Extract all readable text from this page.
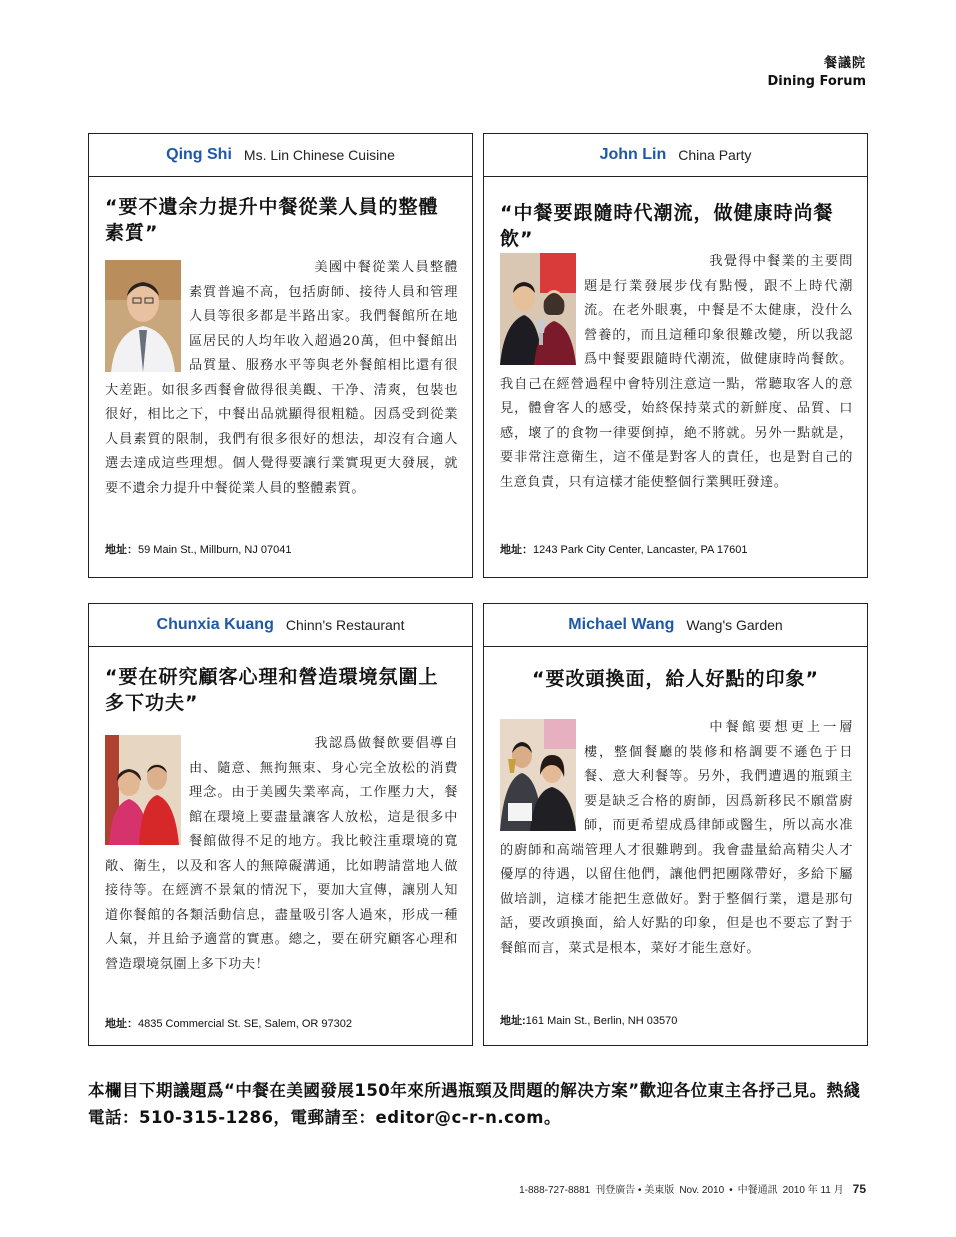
餐議院
Dining Forum
Qing Shi Ms. Lin Chinese Cuisine
“要不遺余力提升中餐從業人員的整體素質”

美國中餐從業人員整體素質普遍不高，包括廚師、接待人員和管理人員等很多都是半路出家。我們餐館所在地區居民的人均年收入超過20萬，但中餐館出品質量、服務水平等與老外餐館相比還有很大差距。如很多西餐會做得很美觀、干净、清爽，包裝也很好，相比之下，中餐出品就顯得很粗糙。因爲受到從業人員素質的限制，我們有很多很好的想法，却沒有合適人選去達成這些理想。個人覺得要讓行業實現更大發展，就要不遺余力提升中餐從業人員的整體素質。

地址：59 Main St., Millburn, NJ 07041
John Lin China Party
“中餐要跟隨時代潮流，做健康時尚餐飲”

我覺得中餐業的主要問題是行業發展步伐有點慢，跟不上時代潮流。在老外眼裏，中餐是不太健康，没什么營養的，而且這種印象很難改變，所以我認爲中餐要跟隨時代潮流，做健康時尚餐飲。我自己在經營過程中會特別注意這一點，常聽取客人的意見，體會客人的感受，始終保持菜式的新鮮度、品質、口感，壞了的食物一律要倒掉，絶不將就。另外一點就是，要非常注意衛生，這不僅是對客人的責任，也是對自己的生意負責，只有這樣才能使整個行業興旺發達。

地址：1243 Park City Center, Lancaster, PA 17601
Chunxia Kuang Chinn's Restaurant
“要在研究顧客心理和營造環境氛圍上多下功夫”

我認爲做餐飲要倡導自由、隨意、無拘無束、身心完全放松的消費理念。由于美國失業率高，工作壓力大，餐館在環境上要盡量讓客人放松，這是很多中餐館做得不足的地方。我比較注重環境的寬敞、衛生，以及和客人的無障礙溝通，比如聘請當地人做接待等。在經濟不景氣的情況下，要加大宣傳，讓別人知道你餐館的各類活動信息，盡量吸引客人過來，形成一種人氣，并且給予適當的實惠。總之，要在研究顧客心理和營造環境氛圍上多下功夫！

地址：4835 Commercial St. SE, Salem, OR 97302
Michael Wang Wang's Garden
“要改頭換面，給人好點的印象”

中餐館要想更上一層樓，整個餐廳的裝修和格調要不遜色于日餐、意大利餐等。另外，我們遭遇的瓶頸主要是缺乏合格的廚師，因爲新移民不願當廚師，而更希望成爲律師或醫生，所以高水准的廚師和高端管理人才很難聘到。我會盡量給高精尖人才優厚的待遇，以留住他們，讓他們把團隊帶好，多給下屬做培訓，這樣才能把生意做好。對于整個行業，還是那句話，要改頭換面，給人好點的印象，但是也不要忘了對于餐館而言，菜式是根本，菜好才能生意好。

地址:161 Main St., Berlin, NH 03570
本欄目下期議題爲“中餐在美國發展150年來所遇瓶頸及問題的解决方案”歡迎各位東主各抒己見。熱綫電話：510-315-1286，電郵請至：editor@c-r-n.com。
1-888-727-8881 刊登廣告 • 美東版 Nov. 2010 • 中餐通訊 2010 年 11 月 75
